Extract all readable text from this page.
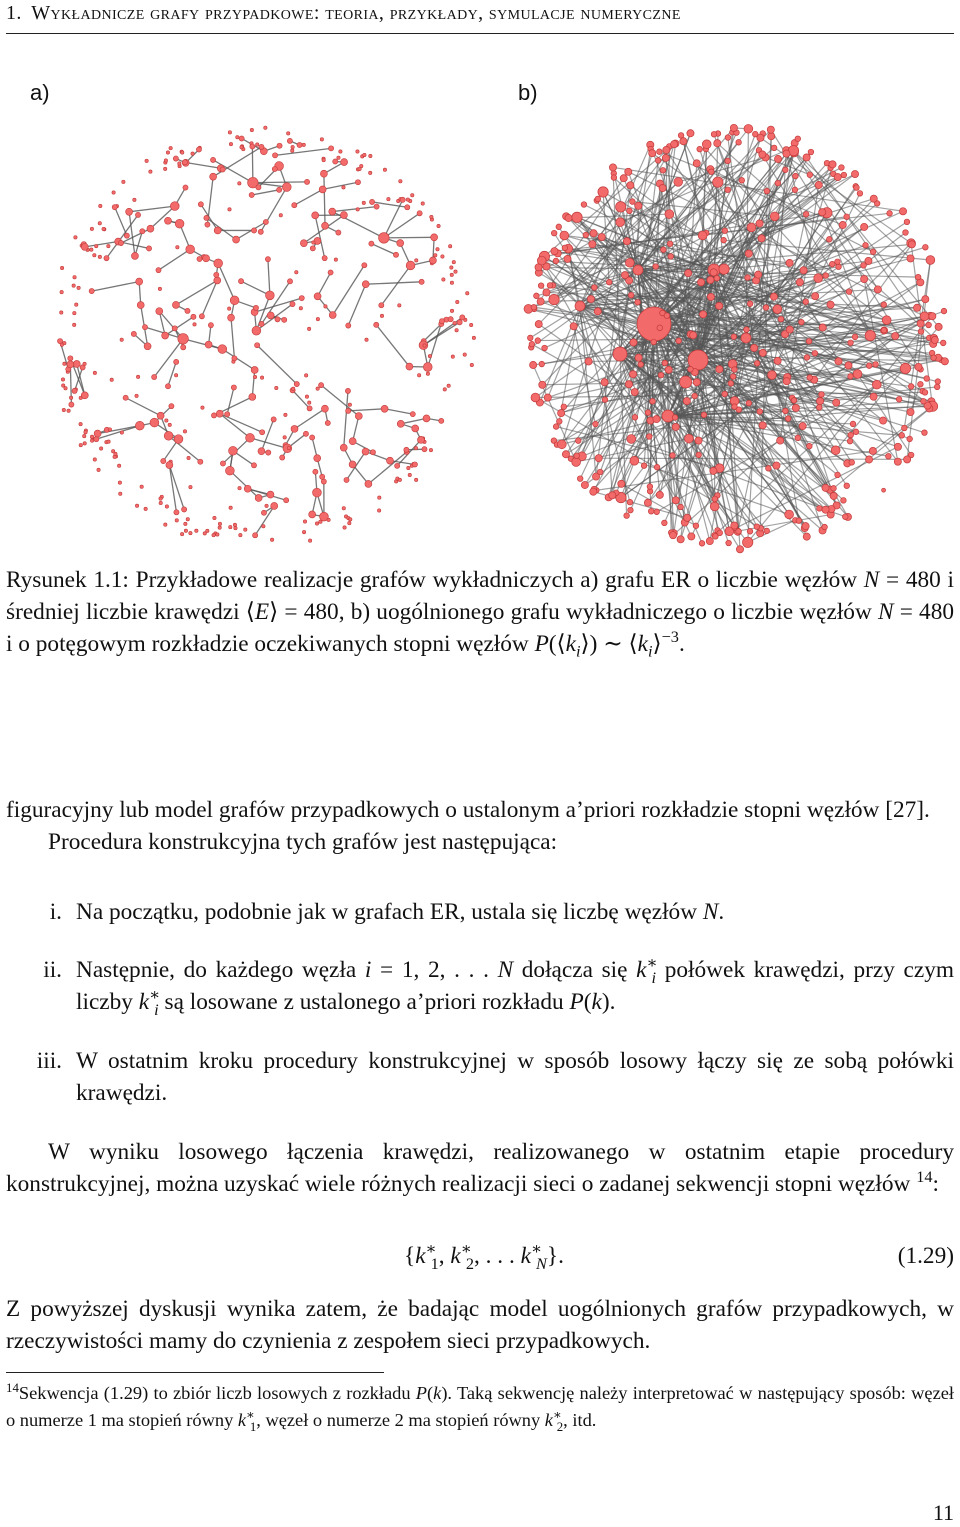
1. Wykładnicze grafy przypadkowe: teoria, przykłady, symulacje numeryczne
a)	b)
Rysunek 1.1: Przykładowe realizacje grafów wykładniczych a) grafu ER o liczbie węzłów N = 480 i średniej liczbie krawędzi ⟨E⟩ = 480, b) uogólnionego grafu wykładniczego o liczbie węzłów N = 480 i o potęgowym rozkładzie oczekiwanych stopni węzłów $P(⟨k_i⟩)$ ∼ $⟨k_i⟩^{-3}$.
figuracyjny lub model grafów przypadkowych o ustalonym a’priori rozkładzie stopni węzłów [27].
Procedura konstrukcyjna tych grafów jest następująca:
i. Na początku, podobnie jak w grafach ER, ustala się liczbę węzłów N.
ii. Następnie, do każdego węzła i = 1, 2, . . . N dołącza się $k^∗_i$ połówek krawędzi, przy czym liczby $k^∗_i$ są losowane z ustalonego a’priori rozkładu P(k).
iii. W ostatnim kroku procedury konstrukcyjnej w sposób losowy łączy się ze sobą połówki krawędzi.
W wyniku losowego łączenia krawędzi, realizowanego w ostatnim etapie procedury konstrukcyjnej, można uzyskać wiele różnych realizacji sieci o zadanej sekwencji stopni węzłów $^{14}$:
{$k^∗_1$, $k^∗_2$, . . . $k^∗_N$}.	(1.29)
Z powyższej dyskusji wynika zatem, że badając model uogólnionych grafów przypadkowych, w rzeczywistości mamy do czynienia z zespołem sieci przypadkowych.
$^{14}$Sekwencja (1.29) to zbiór liczb losowych z rozkładu P(k). Taką sekwencję należy interpretować w następujący sposób: węzeł o numerze 1 ma stopień równy $k^∗_1$, węzeł o numerze 2 ma stopień równy $k^∗_2$, itd.
11
